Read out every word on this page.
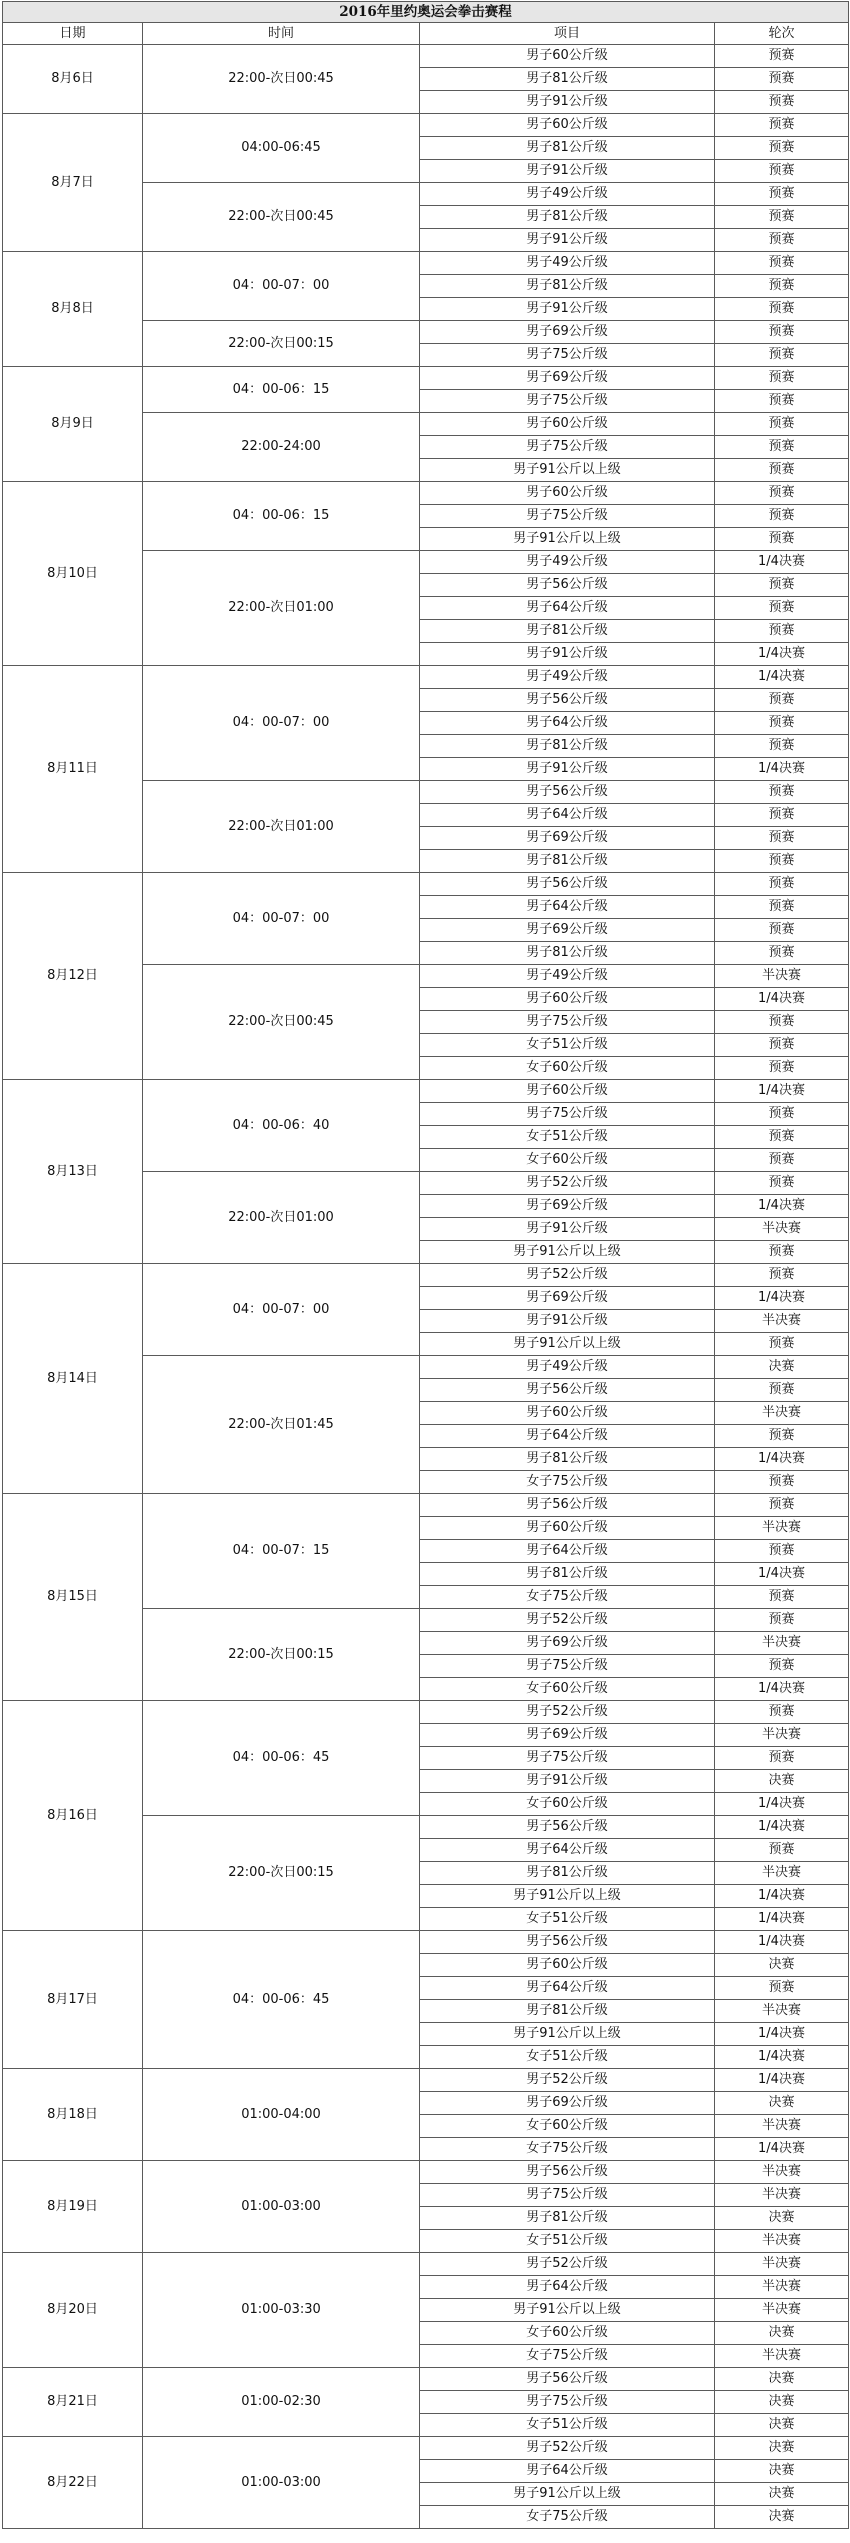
2016年里约奥运会拳击赛程			
日期	时间	项目	轮次
8月6日	22:00-次日00:45	男子60公斤级	预赛
		男子81公斤级	预赛
		男子91公斤级	预赛
8月7日	04:00-06:45	男子60公斤级	预赛
		男子81公斤级	预赛
		男子91公斤级	预赛
	22:00-次日00:45	男子49公斤级	预赛
		男子81公斤级	预赛
		男子91公斤级	预赛
8月8日	04：00-07：00	男子49公斤级	预赛
		男子81公斤级	预赛
		男子91公斤级	预赛
	22:00-次日00:15	男子69公斤级	预赛
		男子75公斤级	预赛
8月9日	04：00-06：15	男子69公斤级	预赛
		男子75公斤级	预赛
	22:00-24:00	男子60公斤级	预赛
		男子75公斤级	预赛
		男子91公斤以上级	预赛
8月10日	04：00-06：15	男子60公斤级	预赛
		男子75公斤级	预赛
		男子91公斤以上级	预赛
	22:00-次日01:00	男子49公斤级	1/4决赛
		男子56公斤级	预赛
		男子64公斤级	预赛
		男子81公斤级	预赛
		男子91公斤级	1/4决赛
8月11日	04：00-07：00	男子49公斤级	1/4决赛
		男子56公斤级	预赛
		男子64公斤级	预赛
		男子81公斤级	预赛
		男子91公斤级	1/4决赛
	22:00-次日01:00	男子56公斤级	预赛
		男子64公斤级	预赛
		男子69公斤级	预赛
		男子81公斤级	预赛
8月12日	04：00-07：00	男子56公斤级	预赛
		男子64公斤级	预赛
		男子69公斤级	预赛
		男子81公斤级	预赛
	22:00-次日00:45	男子49公斤级	半决赛
		男子60公斤级	1/4决赛
		男子75公斤级	预赛
		女子51公斤级	预赛
		女子60公斤级	预赛
8月13日	04：00-06：40	男子60公斤级	1/4决赛
		男子75公斤级	预赛
		女子51公斤级	预赛
		女子60公斤级	预赛
	22:00-次日01:00	男子52公斤级	预赛
		男子69公斤级	1/4决赛
		男子91公斤级	半决赛
		男子91公斤以上级	预赛
8月14日	04：00-07：00	男子52公斤级	预赛
		男子69公斤级	1/4决赛
		男子91公斤级	半决赛
		男子91公斤以上级	预赛
	22:00-次日01:45	男子49公斤级	决赛
		男子56公斤级	预赛
		男子60公斤级	半决赛
		男子64公斤级	预赛
		男子81公斤级	1/4决赛
		女子75公斤级	预赛
8月15日	04：00-07：15	男子56公斤级	预赛
		男子60公斤级	半决赛
		男子64公斤级	预赛
		男子81公斤级	1/4决赛
		女子75公斤级	预赛
	22:00-次日00:15	男子52公斤级	预赛
		男子69公斤级	半决赛
		男子75公斤级	预赛
		女子60公斤级	1/4决赛
8月16日	04：00-06：45	男子52公斤级	预赛
		男子69公斤级	半决赛
		男子75公斤级	预赛
		男子91公斤级	决赛
		女子60公斤级	1/4决赛
	22:00-次日00:15	男子56公斤级	1/4决赛
		男子64公斤级	预赛
		男子81公斤级	半决赛
		男子91公斤以上级	1/4决赛
		女子51公斤级	1/4决赛
8月17日	04：00-06：45	男子56公斤级	1/4决赛
		男子60公斤级	决赛
		男子64公斤级	预赛
		男子81公斤级	半决赛
		男子91公斤以上级	1/4决赛
		女子51公斤级	1/4决赛
8月18日	01:00-04:00	男子52公斤级	1/4决赛
		男子69公斤级	决赛
		女子60公斤级	半决赛
		女子75公斤级	1/4决赛
8月19日	01:00-03:00	男子56公斤级	半决赛
		男子75公斤级	半决赛
		男子81公斤级	决赛
		女子51公斤级	半决赛
8月20日	01:00-03:30	男子52公斤级	半决赛
		男子64公斤级	半决赛
		男子91公斤以上级	半决赛
		女子60公斤级	决赛
		女子75公斤级	半决赛
8月21日	01:00-02:30	男子56公斤级	决赛
		男子75公斤级	决赛
		女子51公斤级	决赛
8月22日	01:00-03:00	男子52公斤级	决赛
		男子64公斤级	决赛
		男子91公斤以上级	决赛
		女子75公斤级	决赛
